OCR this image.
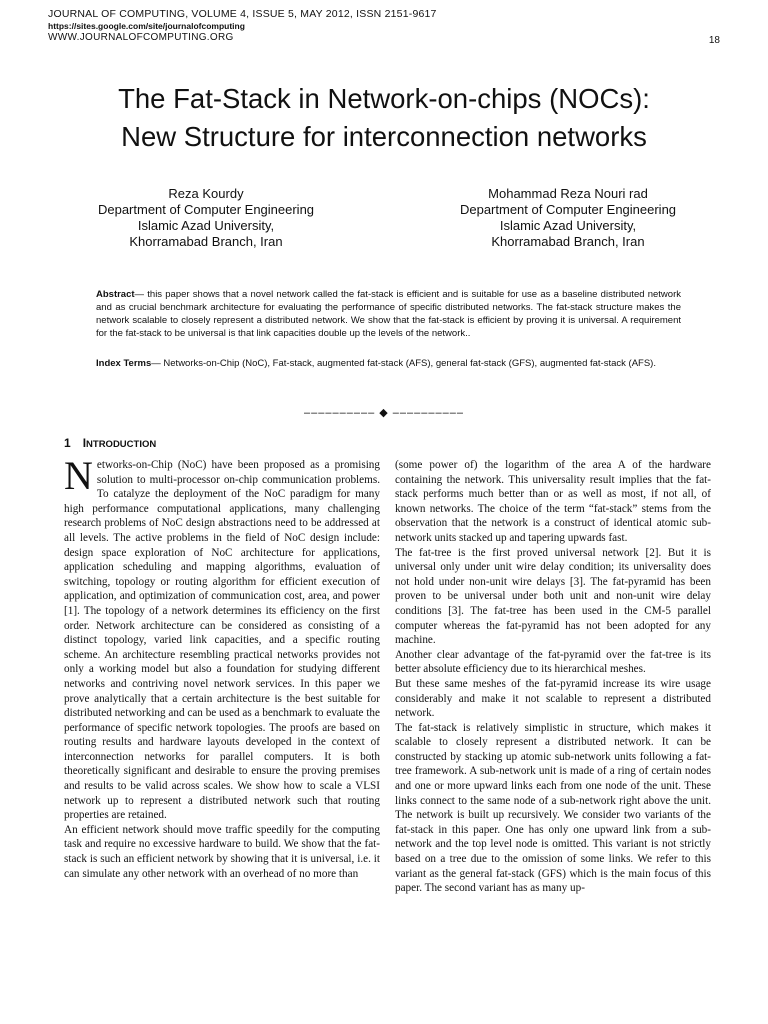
JOURNAL OF COMPUTING, VOLUME 4, ISSUE 5, MAY 2012, ISSN 2151-9617
https://sites.google.com/site/journalofcomputing
WWW.JOURNALOFCOMPUTING.ORG	18
The Fat-Stack in Network-on-chips (NOCs):
New Structure for interconnection networks
Reza Kourdy
Department of Computer Engineering
Islamic Azad University,
Khorramabad Branch, Iran
Mohammad Reza Nouri rad
Department of Computer Engineering
Islamic Azad University,
Khorramabad Branch, Iran
Abstract— this paper shows that a novel network called the fat-stack is efficient and is suitable for use as a baseline distributed network and as crucial benchmark architecture for evaluating the performance of specific distributed networks. The fat-stack structure makes the network scalable to closely represent a distributed network. We show that the fat-stack is efficient by proving it is universal. A requirement for the fat-stack to be universal is that link capacities double up the levels of the network..
Index Terms— Networks-on-Chip (NoC), Fat-stack, augmented fat-stack (AFS), general fat-stack (GFS), augmented fat-stack (AFS).
–––––––––– ◆ ––––––––––
1 INTRODUCTION

Networks-on-Chip (NoC) have been proposed as a promising solution to multi-processor on-chip communication problems. To catalyze the deployment of the NoC paradigm for many high performance computational applications, many challenging research problems of NoC design abstractions need to be addressed at all levels. The active problems in the field of NoC design include: design space exploration of NoC architecture for applications, application scheduling and mapping algorithms, evaluation of switching, topology or routing algorithm for efficient execution of application, and optimization of communication cost, area, and power [1]. The topology of a network determines its efficiency on the first order. Network architecture can be considered as consisting of a distinct topology, varied link capacities, and a specific routing scheme. An architecture resembling practical networks provides not only a working model but also a foundation for studying different networks and contriving novel network services. In this paper we prove analytically that a certain architecture is the best suitable for distributed networking and can be used as a benchmark to evaluate the performance of specific network topologies. The proofs are based on routing results and hardware layouts developed in the context of interconnection networks for parallel computers. It is both theoretically significant and desirable to ensure the proving premises and results to be valid across scales. We show how to scale a VLSI network up to represent a distributed network such that routing properties are retained.

An efficient network should move traffic speedily for the computing task and require no excessive hardware to build. We show that the fat-stack is such an efficient network by showing that it is universal, i.e. it can simulate any other network with an overhead of no more than

(some power of) the logarithm of the area A of the hardware containing the network. This universality result implies that the fat-stack performs much better than or as well as most, if not all, of known networks. The choice of the term “fat-stack” stems from the observation that the network is a construct of identical atomic sub-network units stacked up and tapering upwards fast.

The fat-tree is the first proved universal network [2]. But it is universal only under unit wire delay condition; its universality does not hold under non-unit wire delays [3]. The fat-pyramid has been proven to be universal under both unit and non-unit wire delay conditions [3]. The fat-tree has been used in the CM-5 parallel computer whereas the fat-pyramid has not been adopted for any machine.

Another clear advantage of the fat-pyramid over the fat-tree is its better absolute efficiency due to its hierarchical meshes.

But these same meshes of the fat-pyramid increase its wire usage considerably and make it not scalable to represent a distributed network.

The fat-stack is relatively simplistic in structure, which makes it scalable to closely represent a distributed network. It can be constructed by stacking up atomic sub-network units following a fat-tree framework. A sub-network unit is made of a ring of certain nodes and one or more upward links each from one node of the unit. These links connect to the same node of a sub-network right above the unit. The network is built up recursively. We consider two variants of the fat-stack in this paper. One has only one upward link from a sub-network and the top level node is omitted. This variant is not strictly based on a tree due to the omission of some links. We refer to this variant as the general fat-stack (GFS) which is the main focus of this paper. The second variant has as many up-
